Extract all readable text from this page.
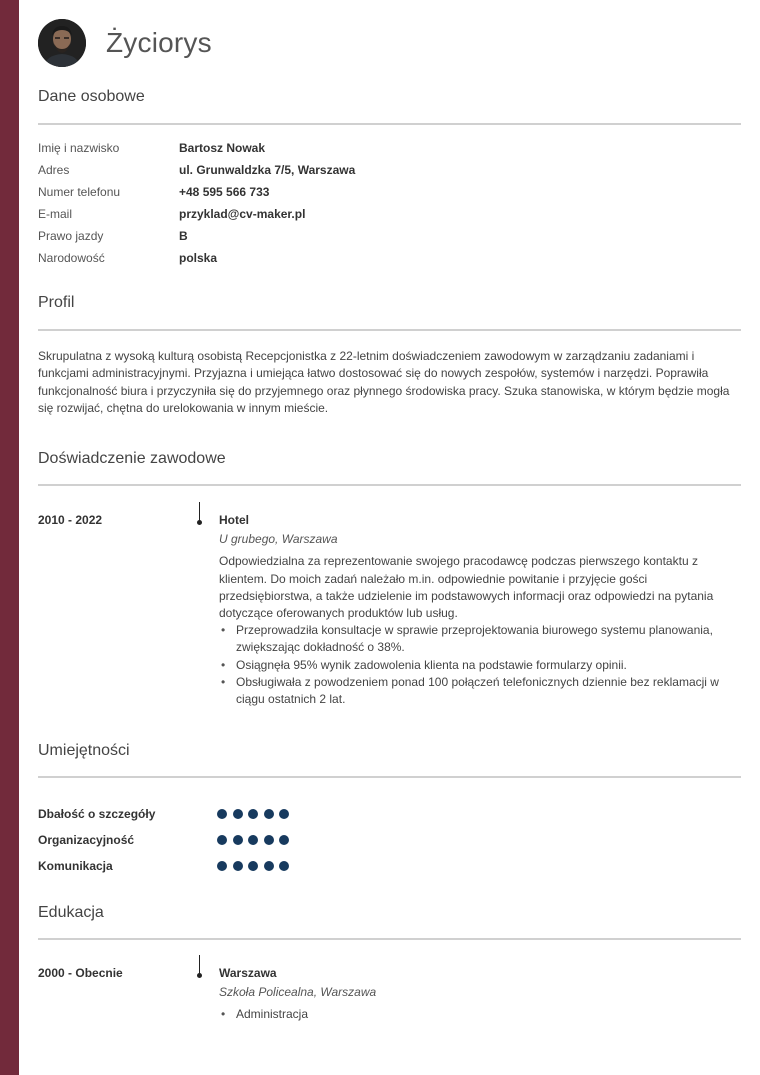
Życiorys
Dane osobowe
Imię i nazwisko	Bartosz Nowak
Adres	ul. Grunwaldzka 7/5, Warszawa
Numer telefonu	+48 595 566 733
E-mail	przyklad@cv-maker.pl
Prawo jazdy	B
Narodowość	polska
Profil
Skrupulatna z wysoką kulturą osobistą Recepcjonistka z 22-letnim doświadczeniem zawodowym w zarządzaniu zadaniami i funkcjami administracyjnymi. Przyjazna i umiejąca łatwo dostosować się do nowych zespołów, systemów i narzędzi. Poprawiła funkcjonalność biura i przyczyniła się do przyjemnego oraz płynnego środowiska pracy. Szuka stanowiska, w którym będzie mogła się rozwijać, chętna do urelokowania w innym mieście.
Doświadczenie zawodowe
2010 - 2022	Hotel
U grubego, Warszawa
Odpowiedzialna za reprezentowanie swojego pracodawcę podczas pierwszego kontaktu z klientem. Do moich zadań należało m.in. odpowiednie powitanie i przyjęcie gości przedsiębiorstwa, a także udzielenie im podstawowych informacji oraz odpowiedzi na pytania dotyczące oferowanych produktów lub usług.
• Przeprowadziła konsultacje w sprawie przeprojektowania biurowego systemu planowania, zwiększając dokładność o 38%.
• Osiągnęła 95% wynik zadowolenia klienta na podstawie formularzy opinii.
• Obsługiwała z powodzeniem ponad 100 połączeń telefonicznych dziennie bez reklamacji w ciągu ostatnich 2 lat.
Umiejętności
Dbałość o szczegóły
Organizacyjność
Komunikacja
Edukacja
2000 - Obecnie	Warszawa
Szkoła Policealna, Warszawa
• Administracja
